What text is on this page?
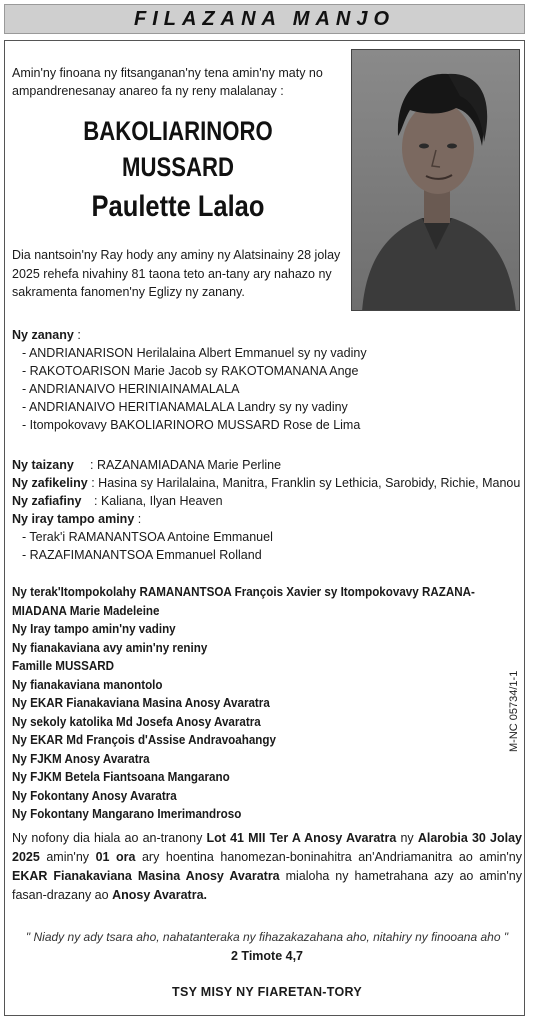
FILAZANA MANJO
Amin'ny finoana ny fitsanganan'ny tena amin'ny maty no ampandrenesanay anareo fa ny reny malalanay :
BAKOLIARINORO
MUSSARD
Paulette Lalao
Dia nantsoin'ny Ray hody any aminy ny Alatsinainy 28 jolay 2025 rehefa nivahiny 81 taona teto an-tany ary nahazo ny sakramenta fanomen'ny Eglizy ny zanany.
Ny zanany :
- ANDRIANARISON Herilalaina Albert Emmanuel sy ny vadiny
- RAKOTOARISON Marie Jacob sy RAKOTOMANANA Ange
- ANDRIANAIVO HERINIAINAMALALA
- ANDRIANAIVO HERITIANAMALALA Landry sy ny vadiny
- Itompokovavy BAKOLIARINORO MUSSARD Rose de Lima
Ny taizany : RAZANAMIADANA Marie Perline
Ny zafikeliny : Hasina sy Harilalaina, Manitra, Franklin sy Lethicia, Sarobidy, Richie, Manou
Ny zafiafiny : Kaliana, Ilyan Heaven
Ny iray tampo aminy :
- Terak'i RAMANANTSOA Antoine Emmanuel
- RAZAFIMANANTSOA Emmanuel Rolland
Ny terak'Itompokolahy RAMANANTSOA François Xavier sy Itompokovavy RAZANA-
MIADANA Marie Madeleine
Ny Iray tampo amin'ny vadiny
Ny fianakaviana avy amin'ny reniny
Famille MUSSARD
Ny fianakaviana manontolo
Ny EKAR Fianakaviana Masina Anosy Avaratra
Ny sekoly katolika Md Josefa Anosy Avaratra
Ny EKAR Md François d'Assise Andravoahangy
Ny FJKM Anosy Avaratra
Ny FJKM Betela Fiantsoana Mangarano
Ny Fokontany Anosy Avaratra
Ny Fokontany Mangarano Imerimandroso
M-NC 05734/1-1
Ny nofony dia hiala ao an-tranony Lot 41 MII Ter A Anosy Avaratra ny Alarobia 30 Jolay 2025 amin'ny 01 ora ary hoentina hanomezan-boninahitra an'Andriamanitra ao amin'ny EKAR Fianakaviana Masina Anosy Avaratra mialoha ny hametrahana azy ao amin'ny fasan-drazany ao Anosy Avaratra.
" Niady ny ady tsara aho, nahatanteraka ny fihazakazahana aho, nitahiry ny finooana aho "
2 Timote 4,7
TSY MISY NY FIARETAN-TORY
